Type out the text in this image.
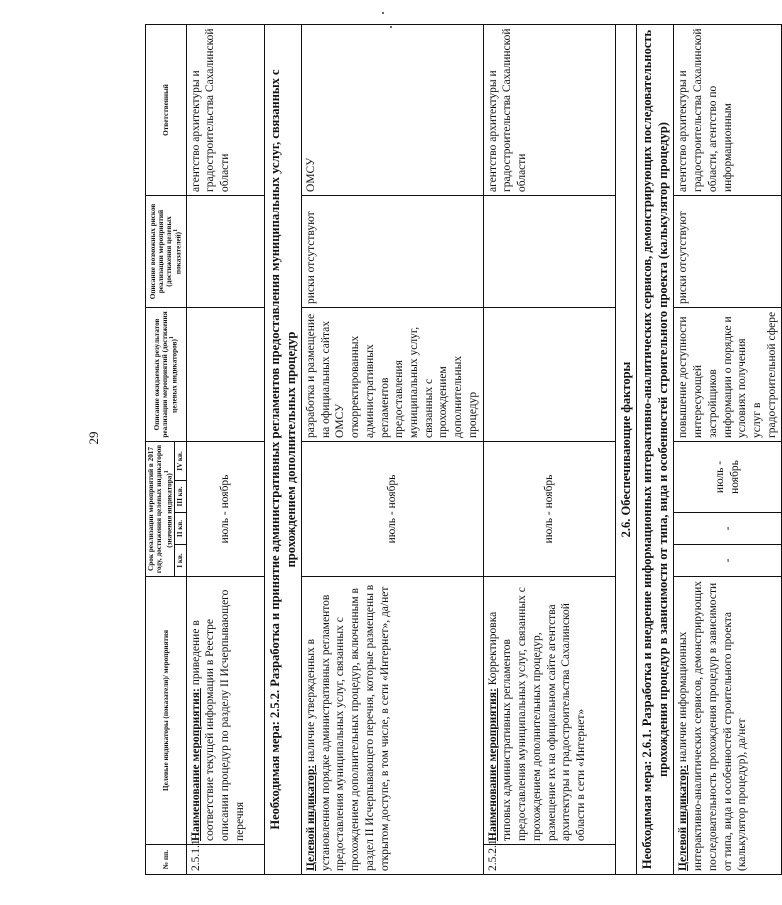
29
№ пп.	Целевые индикаторы (показатели)/ мероприятия	Срок реализации мероприятий в 2017 году, достижения целевых индикаторов (значения индикатора)$^1$				Описание ожидаемых результатов реализации мероприятий (достижения целевых индикаторов)$^1$	Описание возможных рисков реализации мероприятий (достижения целевых показателей)$^1$	Ответственный
		I кв.	II кв.	III кв.	IV кв.			
2.5.1.1	Наименование мероприятия: приведение в соответствие текущей информации в Реестре описании процедур по разделу II Исчерпывающего перечня	июль - ноябрь						агентство архитектуры и градостроительства Сахалинской области
Необходимая мера: 2.5.2. Разработка и принятие административных регламентов предоставления муниципальных услуг, связанных с прохождением дополнительных процедур								
Целевой индикатор: наличие утвержденных в установленном порядке административных регламентов предоставления муниципальных услуг, связанных с прохождением дополнительных процедур, включенным в раздел II Исчерпывающего перечня, которые размещены в открытом доступе, в том числе, в сети «Интернет», да/нет		июль - ноябрь				разработка и размещение на официальных сайтах ОМСУ откорректированных административных регламентов предоставления муниципальных услуг, связанных с прохождением дополнительных процедур	риски отсутствуют	ОМСУ
2.5.2.1.	Наименование мероприятия: Корректировка типовых административных регламентов предоставления муниципальных услуг, связанных с прохождением дополнительных процедур, размещение их на официальном сайте агентства архитектуры и градостроительства Сахалинской области в сети «Интернет»	июль - ноябрь						агентство архитектуры и градостроительства Сахалинской области
2.6. Обеспечивающие факторы								
Необходимая мера: 2.6.1. Разработка и внедрение информационных интерактивно-аналитических сервисов, демонстрирующих последовательность прохождения процедур в зависимости от типа, вида и особенностей строительного проекта (калькулятор процедур)								
Целевой индикатор: наличие информационных интерактивно-аналитических сервисов, демонстрирующих последовательность прохождения процедур в зависимости от типа, вида и особенностей строительного проекта (калькулятор процедур), да/нет		-	-	июль - ноябрь		повышение доступности интересующей застройщиков информации о порядке и условиях получения услуг в градостроительной сфере	риски отсутствуют	агентство архитектуры и градостроительства Сахалинской области, агентство по информационным
